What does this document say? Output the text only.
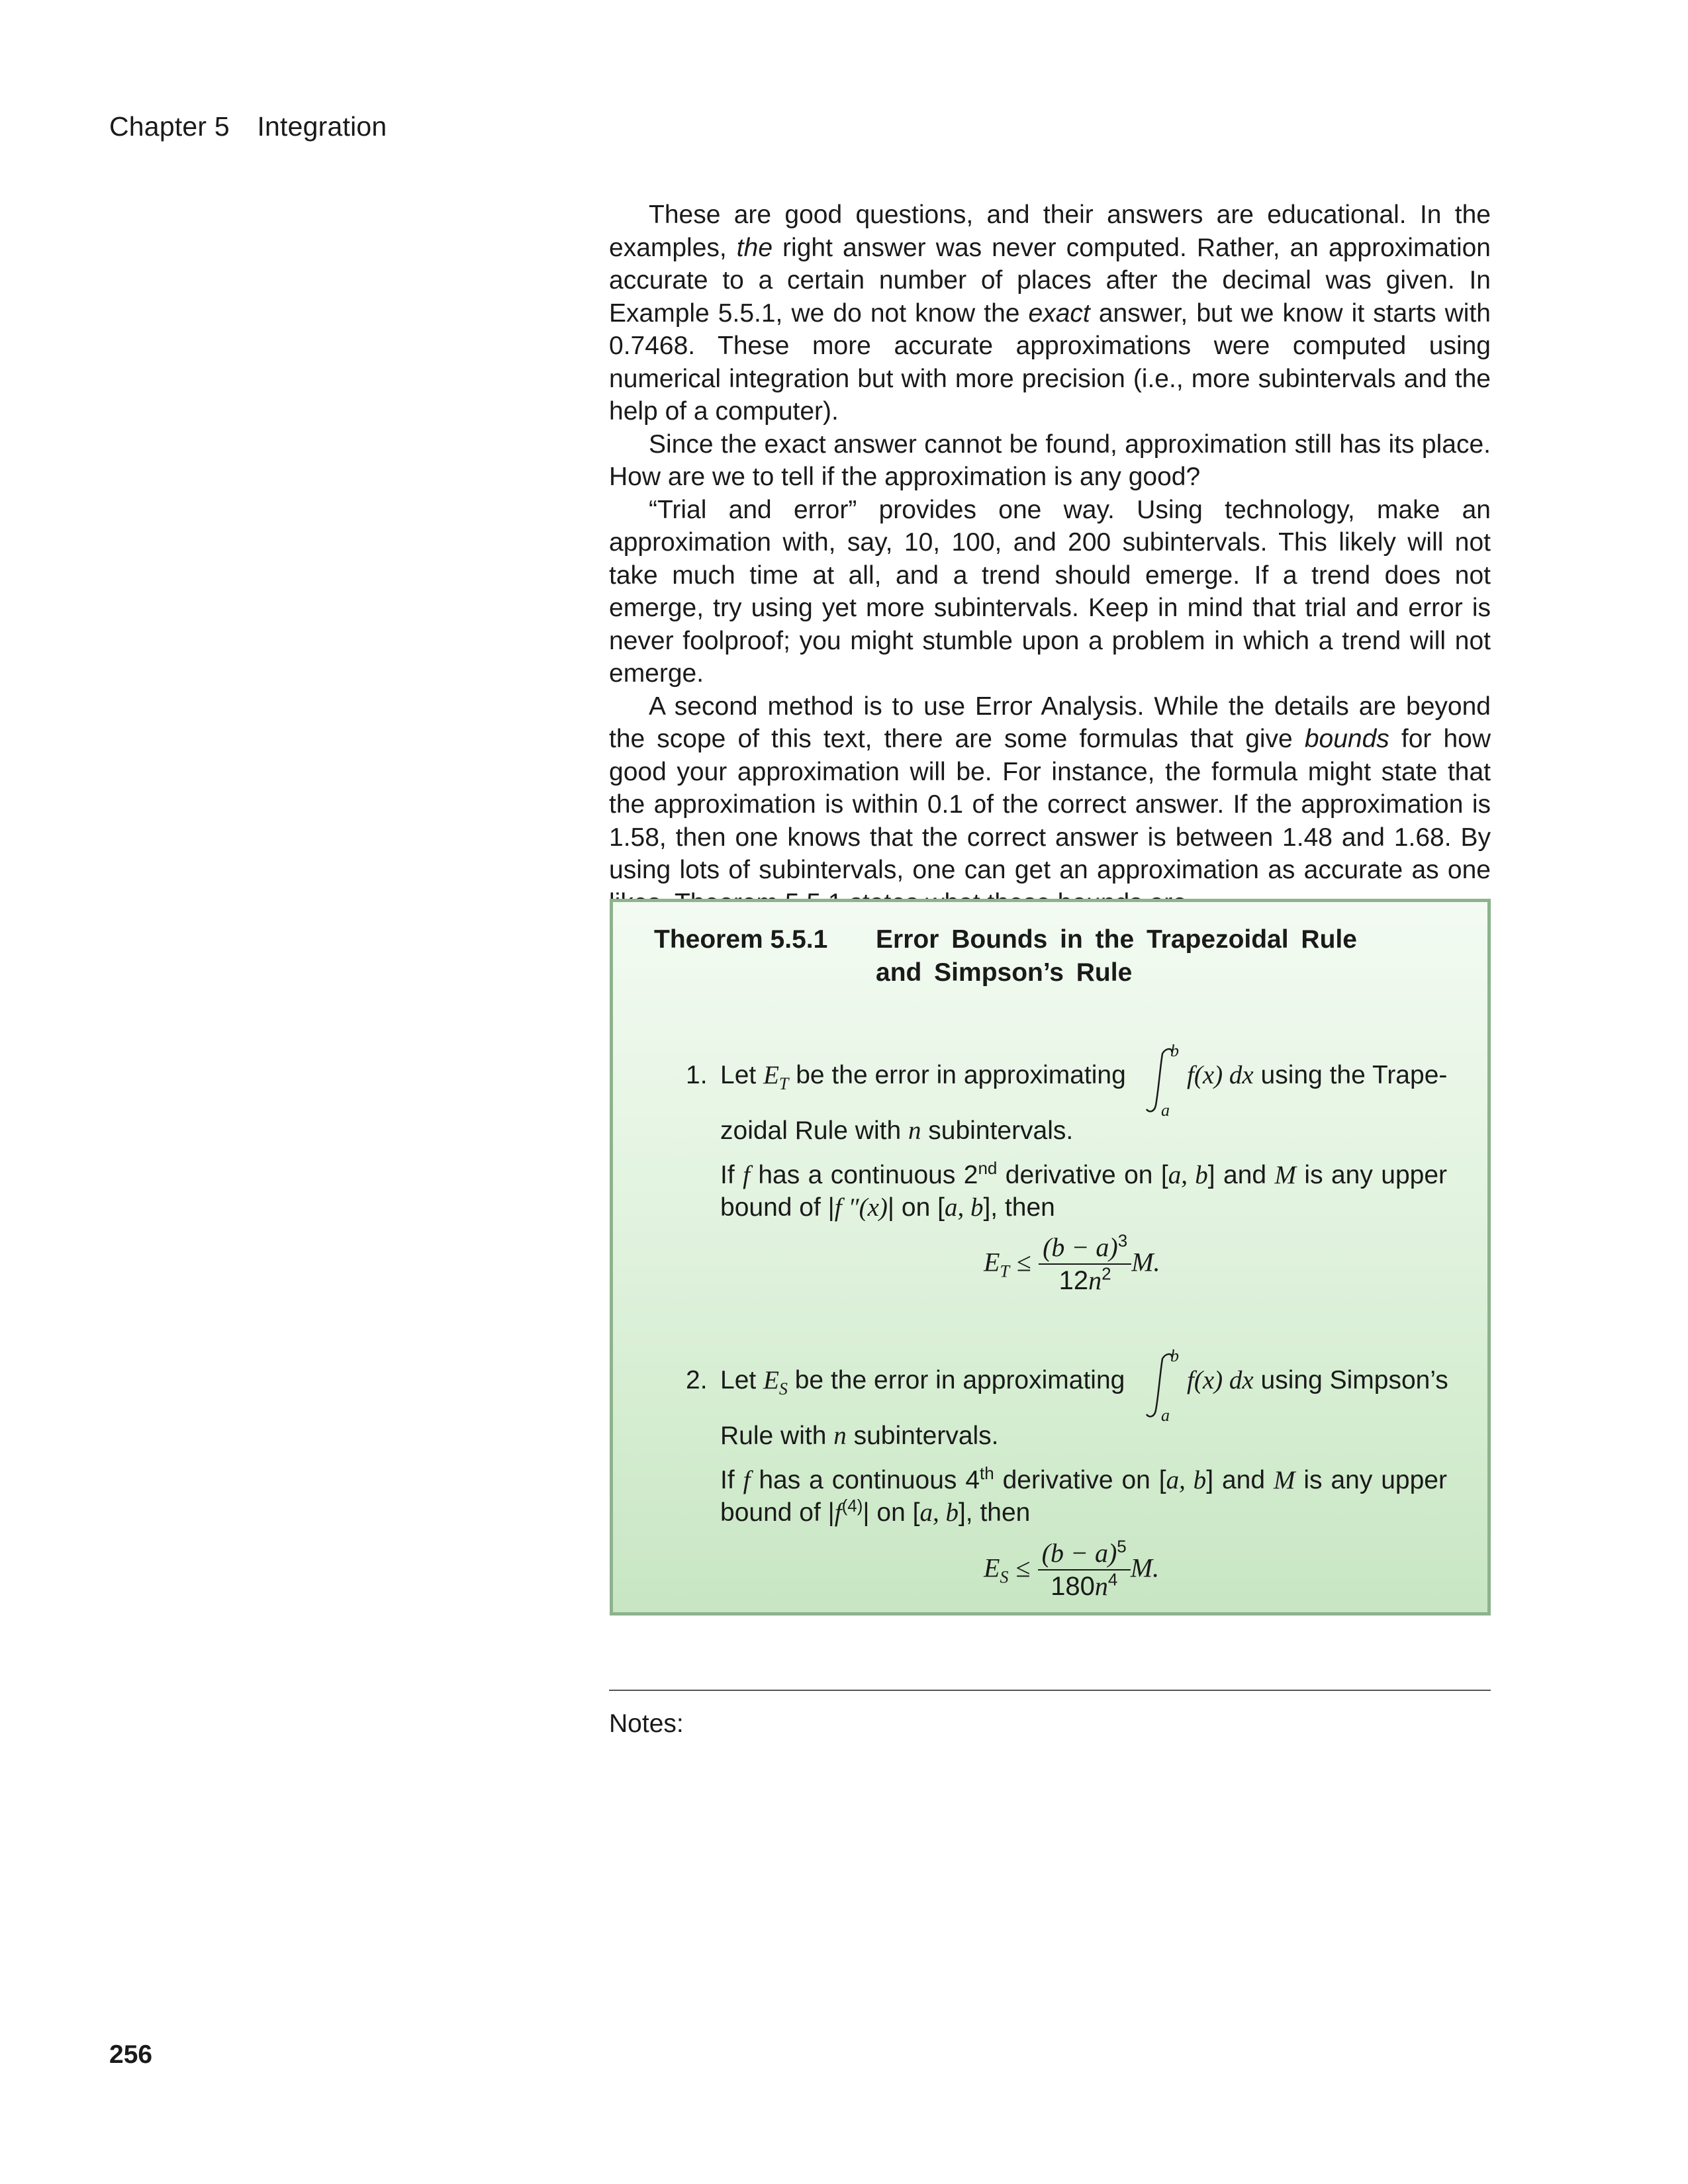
Chapter 5 Integration

These are good questions, and their answers are educational. In the examples, the right answer was never computed. Rather, an approximation accurate to a certain number of places after the decimal was given. In Example 5.5.1, we do not know the exact answer, but we know it starts with 0.7468. These more accurate approximations were computed using numerical integration but with more precision (i.e., more subintervals and the help of a computer).

Since the exact answer cannot be found, approximation still has its place. How are we to tell if the approximation is any good?

“Trial and error” provides one way. Using technology, make an approximation with, say, 10, 100, and 200 subintervals. This likely will not take much time at all, and a trend should emerge. If a trend does not emerge, try using yet more subintervals. Keep in mind that trial and error is never foolproof; you might stumble upon a problem in which a trend will not emerge.

A second method is to use Error Analysis. While the details are beyond the scope of this text, there are some formulas that give bounds for how good your approximation will be. For instance, the formula might state that the approximation is within 0.1 of the correct answer. If the approximation is 1.58, then one knows that the correct answer is between 1.48 and 1.68. By using lots of subintervals, one can get an approximation as accurate as one

Theorem 5.5.1 Error Bounds in the Trapezoidal Rule and Simpson’s Rule
1. Let $E_T$ be the error in approximating
b
a
f(x) dx using the Trape-
zoidal Rule with n subintervals.
If f has a continuous 2nd derivative on [a, b] and M is any upper bound of |f ″(x)| on [a, b], then
$E_T \le \frac{(b - a)^3}{12n^2} M$.
2. Let $E_S$ be the error in approximating
b
a
f(x) dx using Simpson’s
Rule with n subintervals.
If f has a continuous 4th derivative on [a, b] and M is any upper bound of $|f^{(4)}|$ on [a, b], then
$E_S \le \frac{(b - a)^5}{180n^4} M$.
Notes:
256
